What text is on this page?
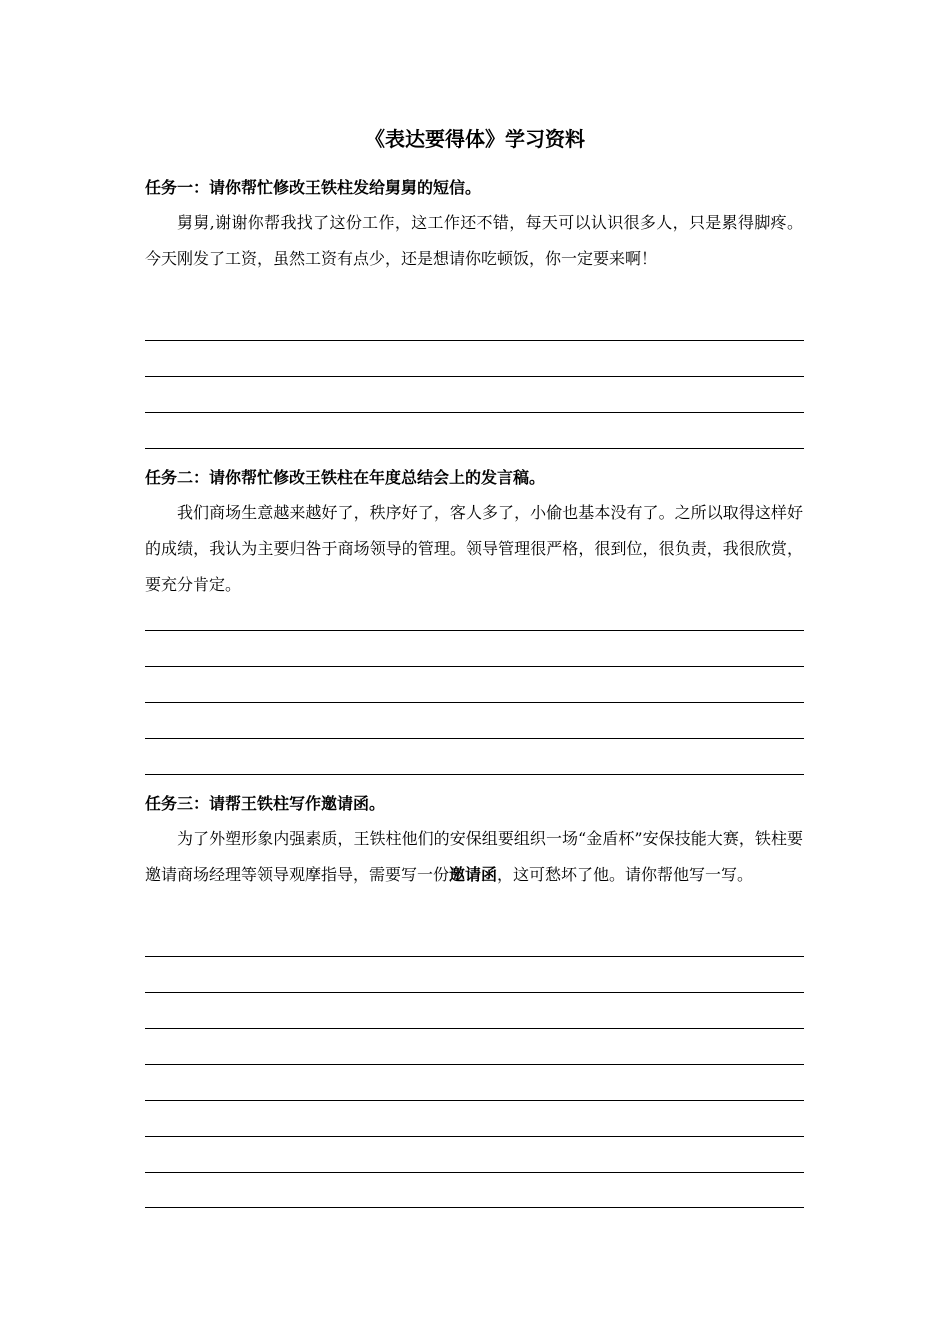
《表达要得体》学习资料
任务一：请你帮忙修改王铁柱发给舅舅的短信。

舅舅,谢谢你帮我找了这份工作，这工作还不错，每天可以认识很多人，只是累得脚疼。今天刚发了工资，虽然工资有点少，还是想请你吃顿饭，你一定要来啊！

任务二：请你帮忙修改王铁柱在年度总结会上的发言稿。

我们商场生意越来越好了，秩序好了，客人多了，小偷也基本没有了。之所以取得这样好的成绩，我认为主要归咎于商场领导的管理。领导管理很严格，很到位，很负责，我很欣赏，要充分肯定。

任务三：请帮王铁柱写作邀请函。

为了外塑形象内强素质，王铁柱他们的安保组要组织一场“金盾杯”安保技能大赛，铁柱要邀请商场经理等领导观摩指导，需要写一份邀请函，这可愁坏了他。请你帮他写一写。
